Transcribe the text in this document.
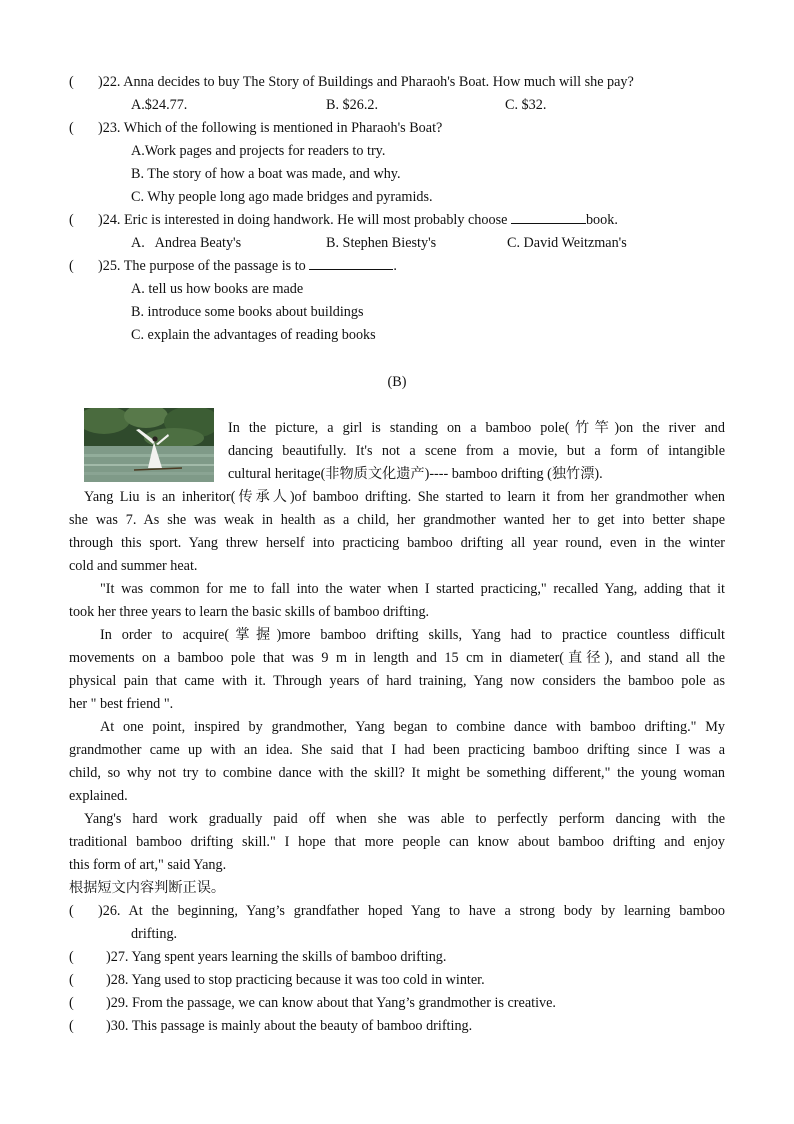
( )22. Anna decides to buy The Story of Buildings and Pharaoh's Boat. How much will she pay?
A.$24.77.	B. $26.2.	C. $32.
( )23. Which of the following is mentioned in Pharaoh's Boat?
A.Work pages and projects for readers to try.
B. The story of how a boat was made, and why.
C. Why people long ago made bridges and pyramids.
( )24. Eric is interested in doing handwork. He will most probably choose	book.
A.   Andrea Beaty's	B. Stephen Biesty's	C. David Weitzman's
( )25. The purpose of the passage is to	.
A. tell us how books are made
B. introduce some books about buildings
C. explain the advantages of reading books
(B)
In the picture, a girl is standing on a bamboo pole(竹竿)on the river and
dancing beautifully. It's not a scene from a movie, but a form of intangible
cultural heritage(非物质文化遗产)---- bamboo drifting (独竹漂).
Yang Liu is an inheritor(传承人)of bamboo drifting. She started to learn it from her grandmother when
she was 7. As she was weak in health as a child, her grandmother wanted her to get into better shape
through this sport. Yang threw herself into practicing bamboo drifting all year round, even in the winter
cold and summer heat.
"It was common for me to fall into the water when I started practicing," recalled Yang, adding that it
took her three years to learn the basic skills of bamboo drifting.
In order to acquire(掌握)more bamboo drifting skills, Yang had to practice countless difficult
movements on a bamboo pole that was 9 m in length and 15 cm in diameter(直径), and stand all the
physical pain that came with it. Through years of hard training, Yang now considers the bamboo pole as
her " best friend ".
At one point, inspired by grandmother, Yang began to combine dance with bamboo drifting." My
grandmother came up with an idea. She said that I had been practicing bamboo drifting since I was a
child, so why not try to combine dance with the skill? It might be something different," the young woman
explained.
Yang's hard work gradually paid off when she was able to perfectly perform dancing with the
traditional bamboo drifting skill." I hope that more people can know about bamboo drifting and enjoy
this form of art," said Yang.
根据短文内容判断正误。
( )26. At the beginning, Yang’s grandfather hoped Yang to have a strong body by learning bamboo
drifting.
( )27. Yang spent years learning the skills of bamboo drifting.
( )28. Yang used to stop practicing because it was too cold in winter.
( )29. From the passage, we can know about that Yang’s grandmother is creative.
( )30. This passage is mainly about the beauty of bamboo drifting.
